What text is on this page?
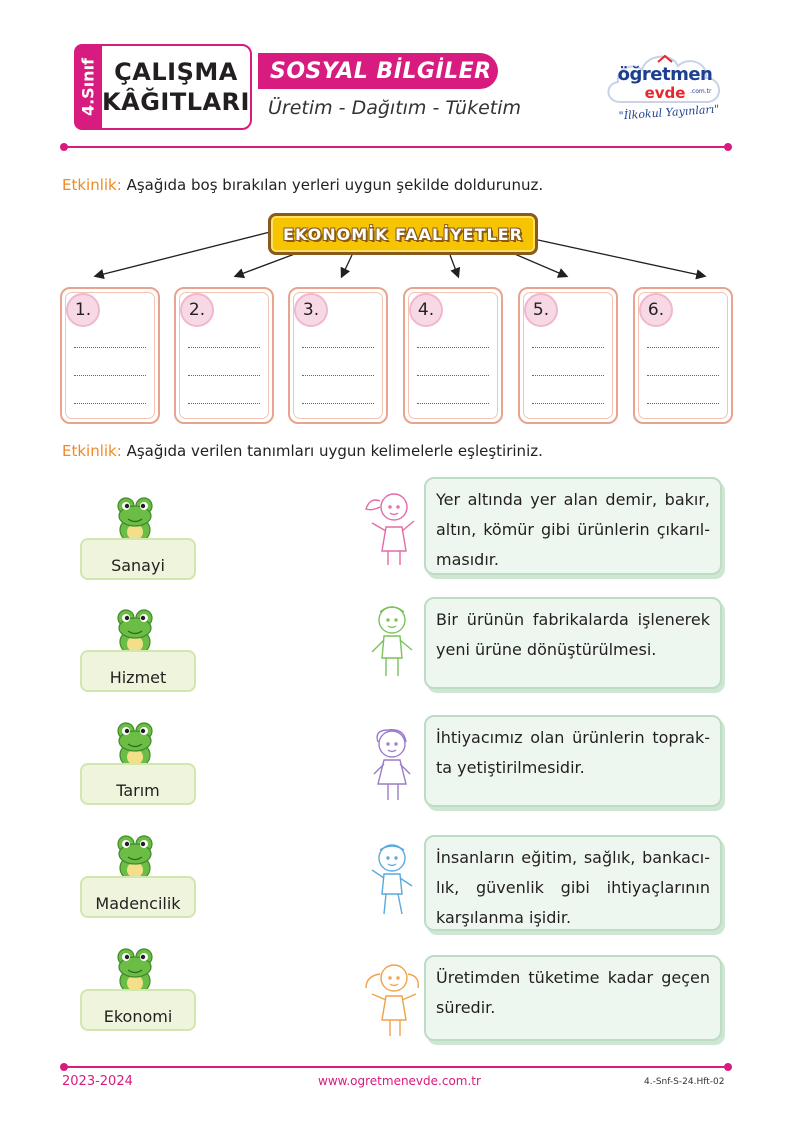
4.Sınıf ÇALIŞMA
KÂĞITLARI
SOSYAL BİLGİLER
Üretim - Dağıtım - Tüketim
öğretmen
evde .com.tr
"İlkokul Yayınları"
Etkinlik: Aşağıda boş bırakılan yerleri uygun şekilde doldurunuz.
EKONOMİK FAALİYETLER
1.	2.	3.	4.	5.	6.
Etkinlik: Aşağıda verilen tanımları uygun kelimelerle eşleştiriniz.
Sanayi
Yer altında yer alan demir, bakır, altın, kömür gibi ürünlerin çıkarıl-masıdır.
Hizmet
Bir ürünün fabrikalarda işlenerek yeni ürüne dönüştürülmesi.
Tarım
İhtiyacımız olan ürünlerin toprak-ta yetiştirilmesidir.
Madencilik
İnsanların eğitim, sağlık, bankacı-lık, güvenlik gibi ihtiyaçlarının karşılanma işidir.
Ekonomi
Üretimden tüketime kadar geçen süredir.
2023-2024	www.ogretmenevde.com.tr	4.-Snf-S-24.Hft-02
